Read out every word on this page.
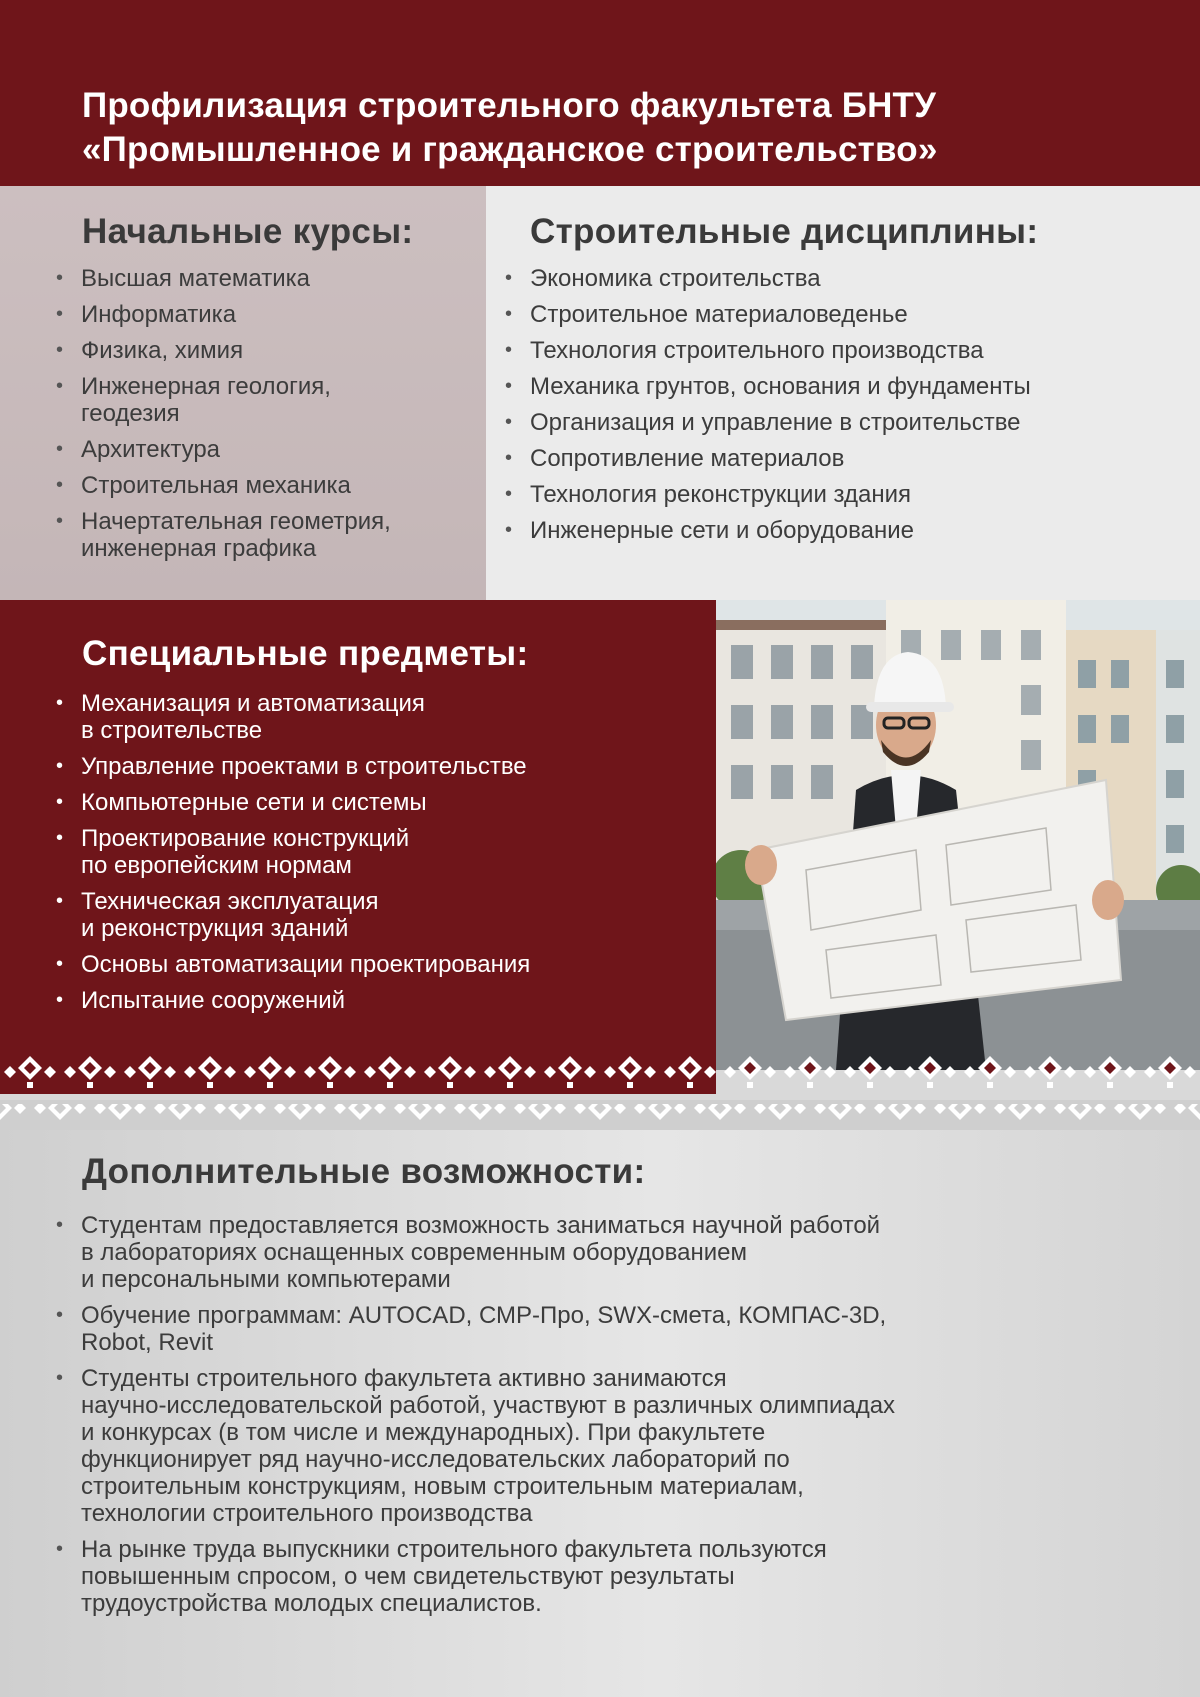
Профилизация строительного факультета БНТУ
«Промышленное и гражданское строительство»
Начальные курсы:
• Высшая математика
• Информатика
• Физика, химия
• Инженерная геология,
геодезия
• Архитектура
• Строительная механика
• Начертательная геометрия,
инженерная графика
Строительные дисциплины:
• Экономика строительства
• Строительное материаловеденье
• Технология строительного производства
• Механика грунтов, основания и фундаменты
• Организация и управление в строительстве
• Сопротивление материалов
• Технология реконструкции здания
• Инженерные сети и оборудование
Специальные предметы:
• Механизация и автоматизация
в строительстве
• Управление проектами в строительстве
• Компьютерные сети и системы
• Проектирование конструкций
по европейским нормам
• Техническая эксплуатация
и реконструкция зданий
• Основы автоматизации проектирования
• Испытание сооружений
Дополнительные возможности:
• Студентам предоставляется возможность заниматься научной работой
в лабораториях оснащенных современным оборудованием
и персональными компьютерами
• Обучение программам: AUTOCAD, СМР-Про, SWX-смета, КОМПАС-3D,
Robot, Revit
• Студенты строительного факультета активно занимаются
научно-исследовательской работой, участвуют в различных олимпиадах
и конкурсах (в том числе и международных). При факультете
функционирует ряд научно-исследовательских лабораторий по
строительным конструкциям, новым строительным материалам,
технологии строительного производства
• На рынке труда выпускники строительного факультета пользуются
повышенным спросом, о чем свидетельствуют результаты
трудоустройства молодых специалистов.
